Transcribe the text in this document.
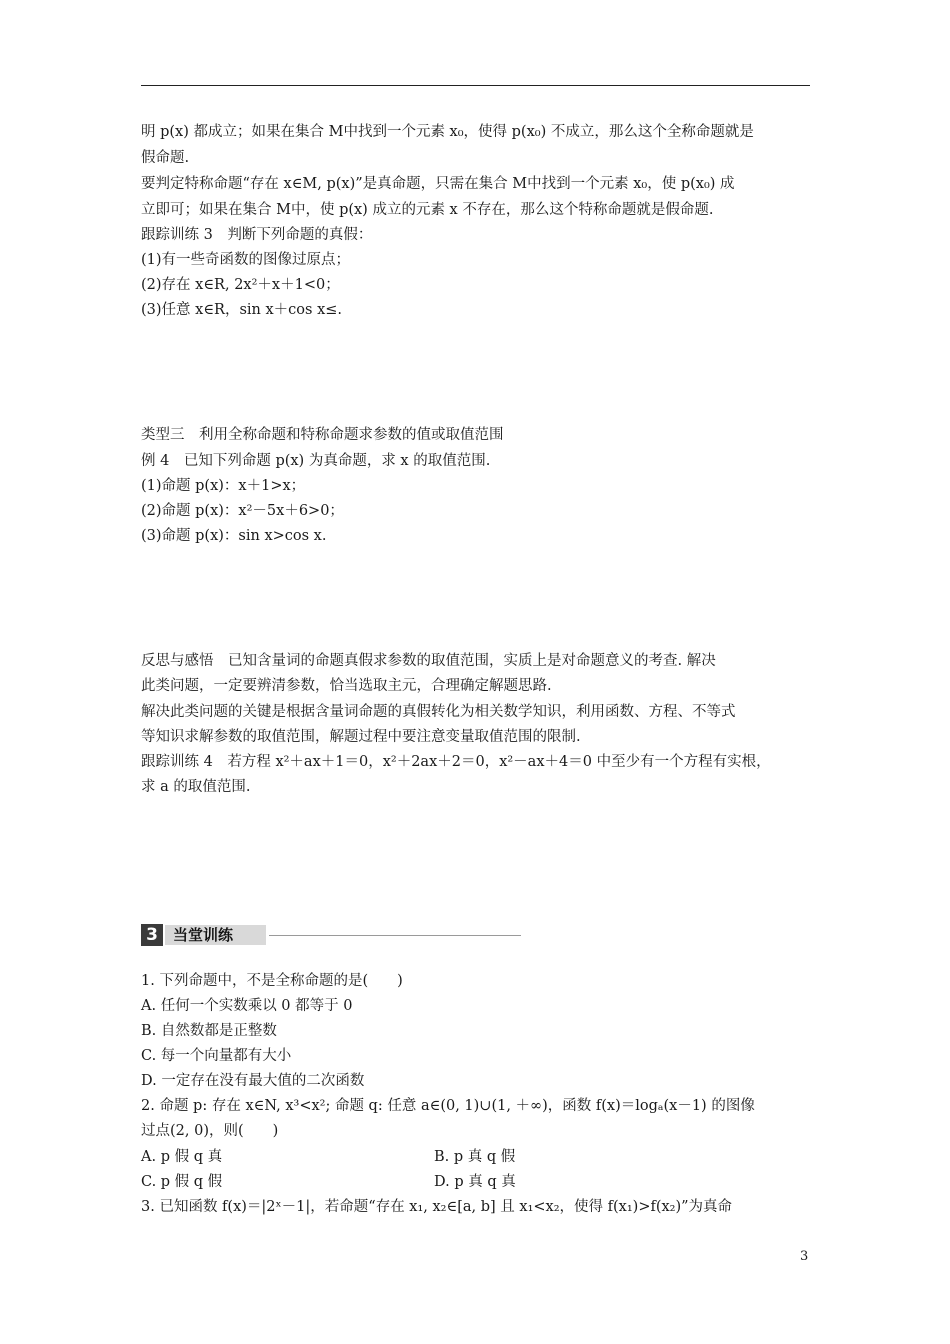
明 p(x) 都成立；如果在集合 M中找到一个元素 x₀，使得 p(x₀) 不成立，那么这个全称命题就是
假命题.
要判定特称命题“存在 x∈M, p(x)”是真命题，只需在集合 M中找到一个元素 x₀，使 p(x₀) 成
立即可；如果在集合 M中，使 p(x) 成立的元素 x 不存在，那么这个特称命题就是假命题.
跟踪训练 3　判断下列命题的真假：
(1)有一些奇函数的图像过原点；
(2)存在 x∈R, 2x²＋x＋1<0；
(3)任意 x∈R，sin x＋cos x≤.
类型三　利用全称命题和特称命题求参数的值或取值范围
例 4　已知下列命题 p(x) 为真命题，求 x 的取值范围.
(1)命题 p(x)：x＋1>x；
(2)命题 p(x)：x²－5x＋6>0；
(3)命题 p(x)：sin x>cos x.
反思与感悟　已知含量词的命题真假求参数的取值范围，实质上是对命题意义的考查. 解决
此类问题，一定要辨清参数，恰当选取主元，合理确定解题思路.
解决此类问题的关键是根据含量词命题的真假转化为相关数学知识，利用函数、方程、不等式
等知识求解参数的取值范围，解题过程中要注意变量取值范围的限制.
跟踪训练 4　若方程 x²＋ax＋1＝0，x²＋2ax＋2＝0，x²－ax＋4＝0 中至少有一个方程有实根，
求 a 的取值范围.
3	当堂训练
1. 下列命题中，不是全称命题的是(　　)
A. 任何一个实数乘以 0 都等于 0
B. 自然数都是正整数
C. 每一个向量都有大小
D. 一定存在没有最大值的二次函数
2. 命题 p: 存在 x∈N, x³<x²; 命题 q: 任意 a∈(0, 1)∪(1, ＋∞)，函数 f(x)＝logₐ(x－1) 的图像
过点(2, 0)，则(　　)
A. p 假 q 真	B. p 真 q 假
C. p 假 q 假	D. p 真 q 真
3. 已知函数 f(x)＝|2ˣ－1|，若命题“存在 x₁, x₂∈[a, b] 且 x₁<x₂，使得 f(x₁)>f(x₂)”为真命
3
